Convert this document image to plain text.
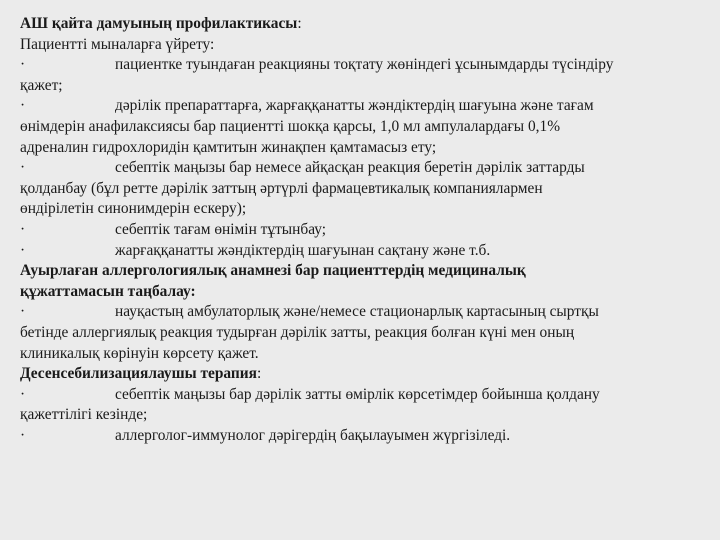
АШ қайта дамуының профилактикасы:
Пациентті мыналарға үйрету:
·	пациентке туындаған реакцияны тоқтату жөніндегі ұсынымдарды түсіндіру
қажет;
·	дәрілік препараттарға, жарғаққанатты жәндіктердің шағуына және тағам
өнімдерін анафилаксиясы бар пациентті шокқа қарсы, 1,0 мл ампулалардағы 0,1%
адреналин гидрохлоридін қамтитын жинақпен қамтамасыз ету;
·	себептік маңызы бар немесе айқасқан реакция беретін дәрілік заттарды
қолданбау (бұл ретте дәрілік заттың әртүрлі фармацевтикалық компаниялармен
өндірілетін синонимдерін ескеру);
·	себептік тағам өнімін тұтынбау;
·	жарғаққанатты жәндіктердің шағуынан сақтану және т.б.
Ауырлаған аллергологиялық анамнезі бар пациенттердің медициналық
құжаттамасын таңбалау:
·	науқастың амбулаторлық және/немесе стационарлық картасының сыртқы
бетінде аллергиялық реакция тудырған дәрілік затты, реакция болған күні мен оның
клиникалық көрінуін көрсету қажет.
Десенсебилизациялаушы терапия:
·	себептік маңызы бар дәрілік затты өмірлік көрсетімдер бойынша қолдану
қажеттілігі кезінде;
·	аллерголог-иммунолог дәрігердің бақылауымен жүргізіледі.
